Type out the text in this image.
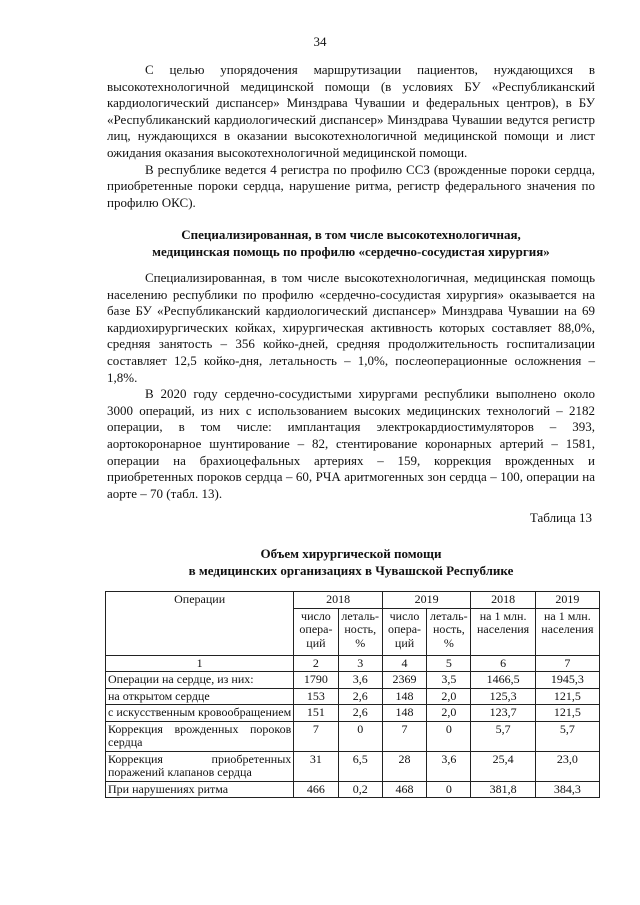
34

С целью упорядочения маршрутизации пациентов, нуждающихся в высокотехнологичной медицинской помощи (в условиях БУ «Республиканский кардиологический диспансер» Минздрава Чувашии и федеральных центров), в БУ «Республиканский кардиологический диспансер» Минздрава Чувашии ведутся регистр лиц, нуждающихся в оказании высокотехнологичной медицинской помощи и лист ожидания оказания высокотехнологичной медицинской помощи.

В республике ведется 4 регистра по профилю ССЗ (врожденные пороки сердца, приобретенные пороки сердца, нарушение ритма, регистр федерального значения по профилю ОКС).

Специализированная, в том числе высокотехнологичная,
медицинская помощь по профилю «сердечно-сосудистая хирургия»

Специализированная, в том числе высокотехнологичная, медицинская помощь населению республики по профилю «сердечно-сосудистая хирургия» оказывается на базе БУ «Республиканский кардиологический диспансер» Минздрава Чувашии на 69 кардиохирургических койках, хирургическая активность которых составляет 88,0%, средняя занятость – 356 койко-дней, средняя продолжительность госпитализации составляет 12,5 койко-дня, летальность – 1,0%, послеоперационные осложнения – 1,8%.

В 2020 году сердечно-сосудистыми хирургами республики выполнено около 3000 операций, из них с использованием высоких медицинских технологий – 2182 операции, в том числе: имплантация электрокардиостимуляторов – 393, аортокоронарное шунтирование – 82, стентирование коронарных артерий – 1581, операции на брахиоцефальных артериях – 159, коррекция врожденных и приобретенных пороков сердца – 60, РЧА аритмогенных зон сердца – 100, операции на аорте – 70 (табл. 13).

Таблица 13
Объем хирургической помощи
в медицинских организациях в Чувашской Республике
Операции	2018		2019		2018	2019
	число опера-ций	леталь-ность, %	число опера-ций	леталь-ность, %	на 1 млн. населения	на 1 млн. населения
1	2	3	4	5	6	7
Операции на сердце, из них:	1790	3,6	2369	3,5	1466,5	1945,3
на открытом сердце	153	2,6	148	2,0	125,3	121,5
с искусственным кровообращением	151	2,6	148	2,0	123,7	121,5
Коррекция врожденных пороков сердца	7	0	7	0	5,7	5,7
Коррекция приобретенных поражений клапанов сердца	31	6,5	28	3,6	25,4	23,0
При нарушениях ритма	466	0,2	468	0	381,8	384,3
